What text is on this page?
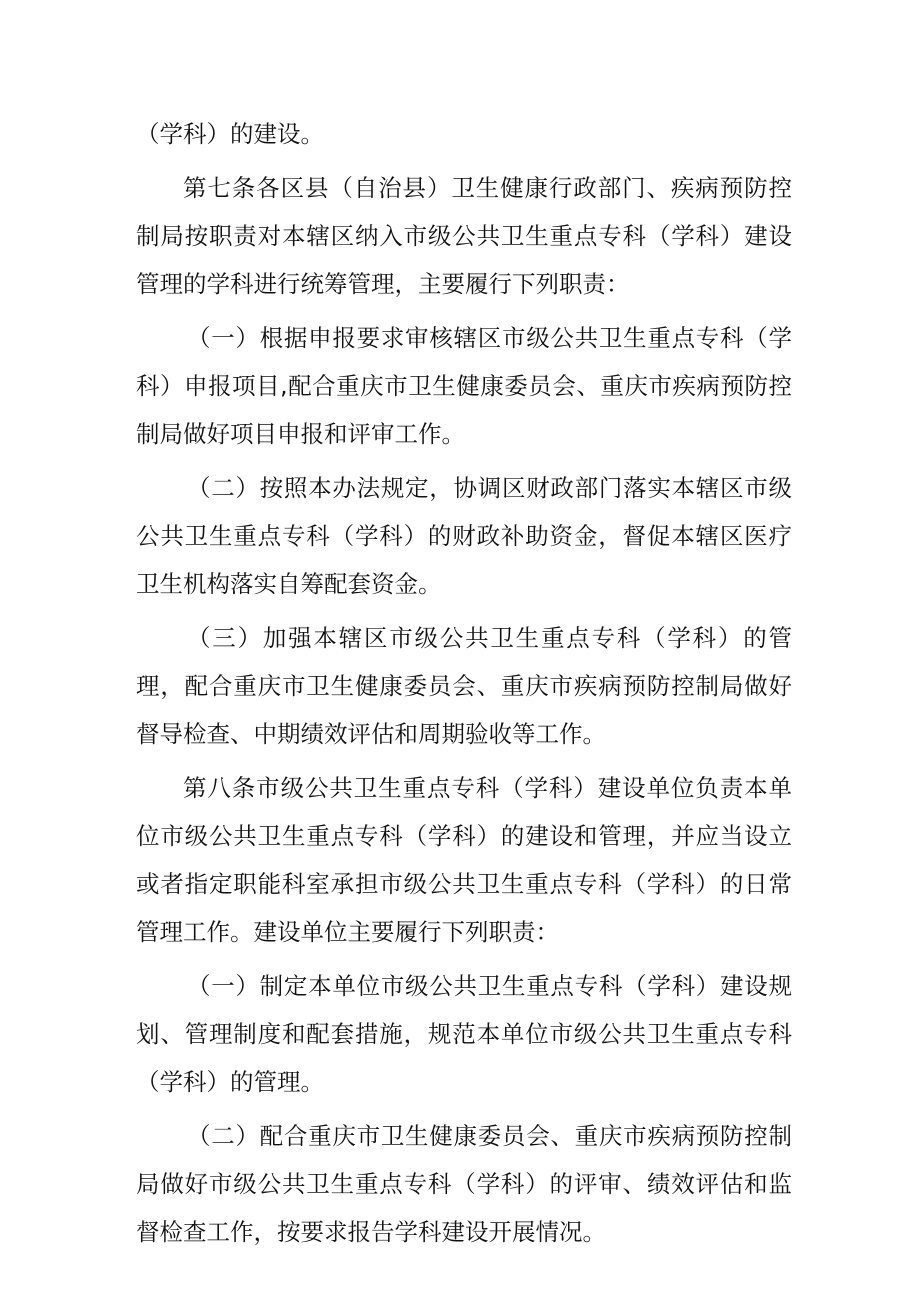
（学科）的建设。

第七条各区县（自治县）卫生健康行政部门、疾病预防控制局按职责对本辖区纳入市级公共卫生重点专科（学科）建设管理的学科进行统筹管理，主要履行下列职责：

（一）根据申报要求审核辖区市级公共卫生重点专科（学科）申报项目,配合重庆市卫生健康委员会、重庆市疾病预防控制局做好项目申报和评审工作。

（二）按照本办法规定，协调区财政部门落实本辖区市级公共卫生重点专科（学科）的财政补助资金，督促本辖区医疗卫生机构落实自筹配套资金。

（三）加强本辖区市级公共卫生重点专科（学科）的管理，配合重庆市卫生健康委员会、重庆市疾病预防控制局做好督导检查、中期绩效评估和周期验收等工作。

第八条市级公共卫生重点专科（学科）建设单位负责本单位市级公共卫生重点专科（学科）的建设和管理，并应当设立或者指定职能科室承担市级公共卫生重点专科（学科）的日常管理工作。建设单位主要履行下列职责：

（一）制定本单位市级公共卫生重点专科（学科）建设规划、管理制度和配套措施，规范本单位市级公共卫生重点专科（学科）的管理。

（二）配合重庆市卫生健康委员会、重庆市疾病预防控制局做好市级公共卫生重点专科（学科）的评审、绩效评估和监督检查工作，按要求报告学科建设开展情况。
